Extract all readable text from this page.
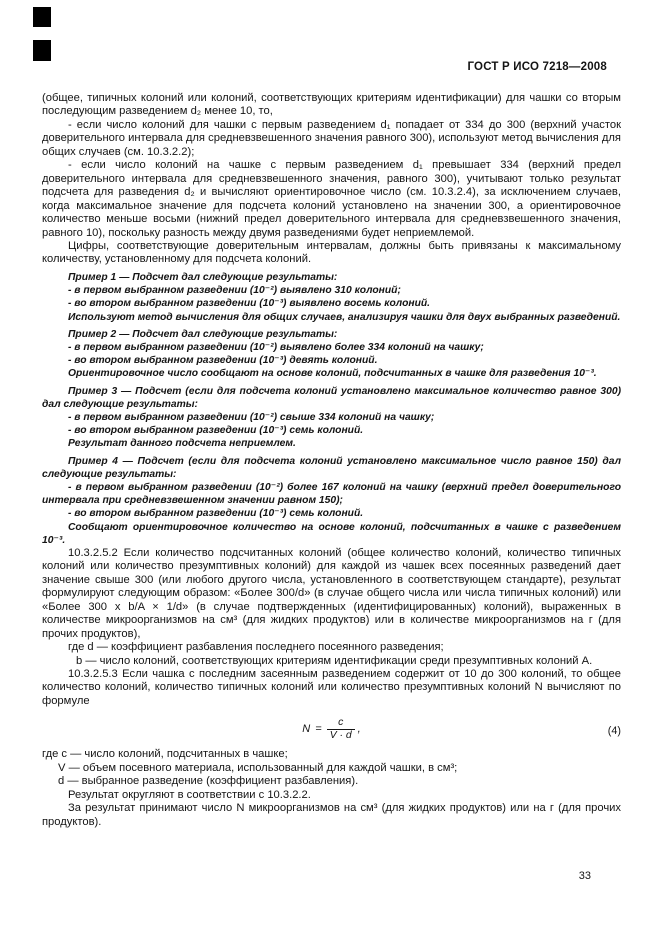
ГОСТ Р ИСО 7218—2008

(общее, типичных колоний или колоний, соответствующих критериям идентификации) для чашки со вторым последующим разведением d₂ менее 10, то,

- если число колоний для чашки с первым разведением d₁ попадает от 334 до 300 (верхний участок доверительного интервала для средневзвешенного значения равного 300), используют метод вычисления для общих случаев (см. 10.3.2.2);

- если число колоний на чашке с первым разведением d₁ превышает 334 (верхний предел доверительного интервала для средневзвешенного значения, равного 300), учитывают только результат подсчета для разведения d₂ и вычисляют ориентировочное число (см. 10.3.2.4), за исключением случаев, когда максимальное значение для подсчета колоний установлено на значении 300, а ориентировочное количество меньше восьми (нижний предел доверительного интервала для средневзвешенного значения, равного 10), поскольку разность между двумя разведениями будет неприемлемой.

Цифры, соответствующие доверительным интервалам, должны быть привязаны к максимальному количеству, установленному для подсчета колоний.

Пример 1 — Подсчет дал следующие результаты:

- в первом выбранном разведении (10⁻²) выявлено 310 колоний;

- во втором выбранном разведении (10⁻³) выявлено восемь колоний.

Используют метод вычисления для общих случаев, анализируя чашки для двух выбранных разведений.

Пример 2 — Подсчет дал следующие результаты:

- в первом выбранном разведении (10⁻²) выявлено более 334 колоний на чашку;

- во втором выбранном разведении (10⁻³) девять колоний.

Ориентировочное число сообщают на основе колоний, подсчитанных в чашке для разведения 10⁻³.

Пример 3 — Подсчет (если для подсчета колоний установлено максимальное количество равное 300) дал следующие результаты:

- в первом выбранном разведении (10⁻²) свыше 334 колоний на чашку;

- во втором выбранном разведении (10⁻³) семь колоний.

Результат данного подсчета неприемлем.

Пример 4 — Подсчет (если для подсчета колоний установлено максимальное число равное 150) дал следующие результаты:

- в первом выбранном разведении (10⁻²) более 167 колоний на чашку (верхний предел доверительного интервала при средневзвешенном значении равном 150);

- во втором выбранном разведении (10⁻³) семь колоний.

Сообщают ориентировочное количество на основе колоний, подсчитанных в чашке с разведением 10⁻³.

10.3.2.5.2 Если количество подсчитанных колоний (общее количество колоний, количество типичных колоний или количество презумптивных колоний) для каждой из чашек всех посеянных разведений дает значение свыше 300 (или любого другого числа, установленного в соответствующем стандарте), результат формулируют следующим образом: «Более 300/d» (в случае общего числа или числа типичных колоний) или «Более 300 х b/A × 1/d» (в случае подтвержденных (идентифицированных) колоний), выраженных в количестве микроорганизмов на см³ (для жидких продуктов) или в количестве микроорганизмов на г (для прочих продуктов),

где d — коэффициент разбавления последнего посеянного разведения;

b — число колоний, соответствующих критериям идентификации среди презумптивных колоний А.

10.3.2.5.3 Если чашка с последним засеянным разведением содержит от 10 до 300 колоний, то общее количество колоний, количество типичных колоний или количество презумптивных колоний N вычисляют по формуле

$N = \frac{c}{V \cdot d}$ ,	(4)

где с — число колоний, подсчитанных в чашке;

V — объем посевного материала, использованный для каждой чашки, в см³;

d — выбранное разведение (коэффициент разбавления).

Результат округляют в соответствии с 10.3.2.2.

За результат принимают число N микроорганизмов на см³ (для жидких продуктов) или на г (для прочих продуктов).

33
